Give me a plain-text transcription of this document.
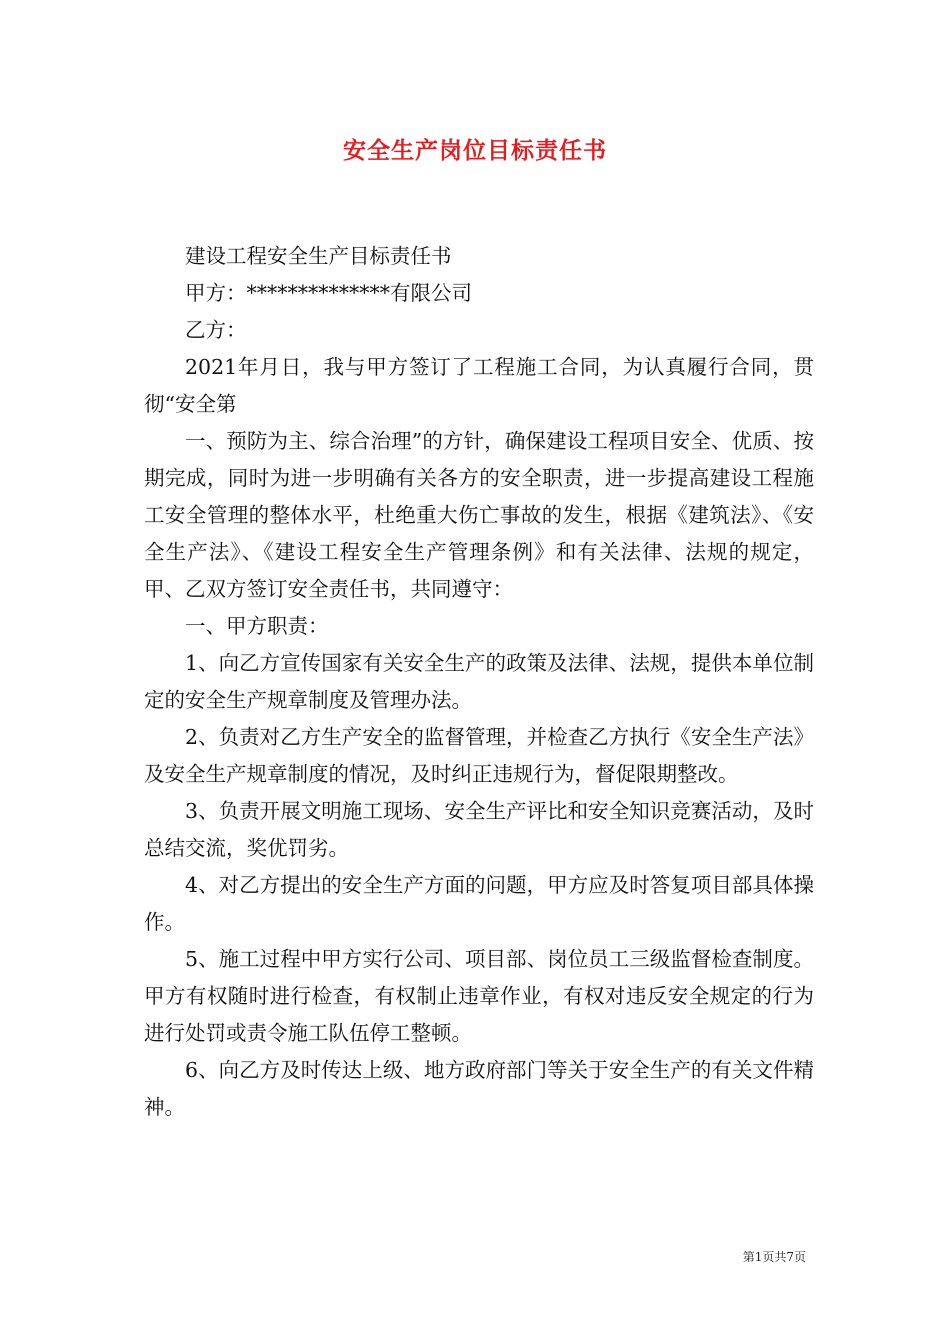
安全生产岗位目标责任书

建设工程安全生产目标责任书

甲方：**************有限公司

乙方：

2021年月日，我与甲方签订了工程施工合同，为认真履行合同，贯彻“安全第

一、预防为主、综合治理”的方针，确保建设工程项目安全、优质、按期完成，同时为进一步明确有关各方的安全职责，进一步提高建设工程施工安全管理的整体水平，杜绝重大伤亡事故的发生，根据《建筑法》、《安全生产法》、《建设工程安全生产管理条例》和有关法律、法规的规定，甲、乙双方签订安全责任书，共同遵守：

一、甲方职责：

1、向乙方宣传国家有关安全生产的政策及法律、法规，提供本单位制定的安全生产规章制度及管理办法。

2、负责对乙方生产安全的监督管理，并检查乙方执行《安全生产法》及安全生产规章制度的情况，及时纠正违规行为，督促限期整改。

3、负责开展文明施工现场、安全生产评比和安全知识竞赛活动，及时总结交流，奖优罚劣。

4、对乙方提出的安全生产方面的问题，甲方应及时答复项目部具体操作。

5、施工过程中甲方实行公司、项目部、岗位员工三级监督检查制度。甲方有权随时进行检查，有权制止违章作业，有权对违反安全规定的行为进行处罚或责令施工队伍停工整顿。

6、向乙方及时传达上级、地方政府部门等关于安全生产的有关文件精神。

第1页共7页
